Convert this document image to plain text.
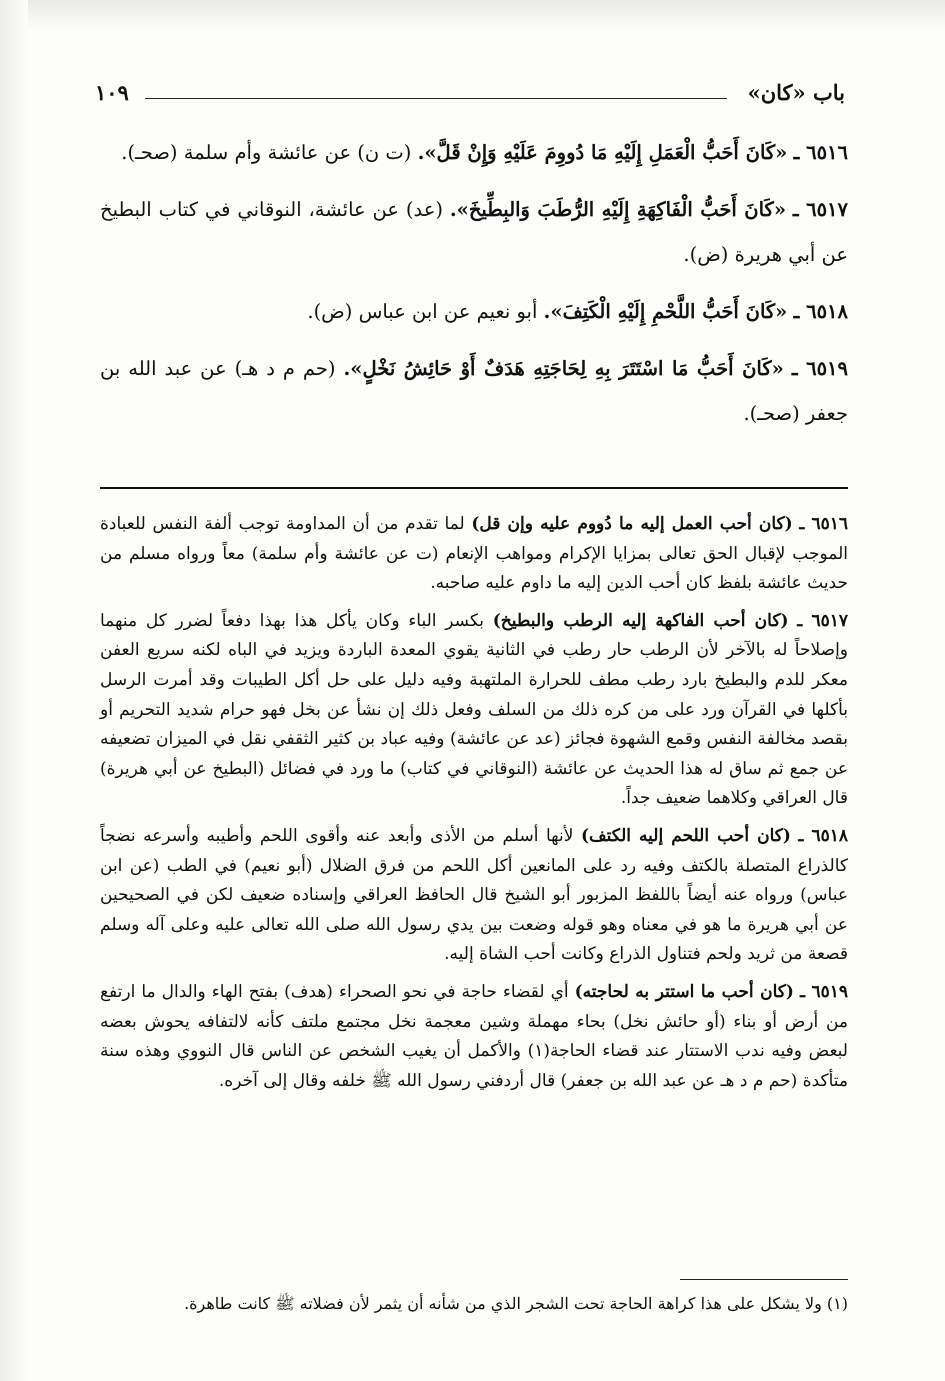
باب «كان»
١٠٩

٦٥١٦ ـ «كَانَ أَحَبُّ الْعَمَلِ إِلَيْهِ مَا دُووِمَ عَلَيْهِ وَإِنْ قَلَّ». (ت ن) عن عائشة وأم سلمة (صحـ).

٦٥١٧ ـ «كَانَ أَحَبُّ الْفَاكِهَةِ إِلَيْهِ الرُّطَبَ وَالبِطِّيخَ». (عد) عن عائشة، النوقاني في كتاب البطيخ عن أبي هريرة (ض).

٦٥١٨ ـ «كَانَ أَحَبُّ اللَّحْمِ إِلَيْهِ الْكَتِفَ». أبو نعيم عن ابن عباس (ض).

٦٥١٩ ـ «كَانَ أَحَبُّ مَا اسْتَتَرَ بِهِ لِحَاجَتِهِ هَدَفٌ أَوْ حَائِشُ نَخْلٍ». (حم م د هـ) عن عبد الله بن جعفر (صحـ).

٦٥١٦ ـ (كان أحب العمل إليه ما دُووم عليه وإن قل) لما تقدم من أن المداومة توجب ألفة النفس للعبادة الموجب لإقبال الحق تعالى بمزايا الإكرام ومواهب الإنعام (ت عن عائشة وأم سلمة) معاً ورواه مسلم من حديث عائشة بلفظ كان أحب الدين إليه ما داوم عليه صاحبه.

٦٥١٧ ـ (كان أحب الفاكهة إليه الرطب والبطيخ) بكسر الباء وكان يأكل هذا بهذا دفعاً لضرر كل منهما وإصلاحاً له بالآخر لأن الرطب حار رطب في الثانية يقوي المعدة الباردة ويزيد في الباه لكنه سريع العفن معكر للدم والبطيخ بارد رطب مطف للحرارة الملتهبة وفيه دليل على حل أكل الطيبات وقد أمرت الرسل بأكلها في القرآن ورد على من كره ذلك من السلف وفعل ذلك إن نشأ عن بخل فهو حرام شديد التحريم أو بقصد مخالفة النفس وقمع الشهوة فجائز (عد عن عائشة) وفيه عباد بن كثير الثقفي نقل في الميزان تضعيفه عن جمع ثم ساق له هذا الحديث عن عائشة (النوقاني في كتاب) ما ورد في فضائل (البطيخ عن أبي هريرة) قال العراقي وكلاهما ضعيف جداً.

٦٥١٨ ـ (كان أحب اللحم إليه الكتف) لأنها أسلم من الأذى وأبعد عنه وأقوى اللحم وأطيبه وأسرعه نضجاً كالذراع المتصلة بالكتف وفيه رد على المانعين أكل اللحم من فرق الضلال (أبو نعيم) في الطب (عن ابن عباس) ورواه عنه أيضاً باللفظ المزبور أبو الشيخ قال الحافظ العراقي وإسناده ضعيف لكن في الصحيحين عن أبي هريرة ما هو في معناه وهو قوله وضعت بين يدي رسول الله صلى الله تعالى عليه وعلى آله وسلم قصعة من ثريد ولحم فتناول الذراع وكانت أحب الشاة إليه.

٦٥١٩ ـ (كان أحب ما استتر به لحاجته) أي لقضاء حاجة في نحو الصحراء (هدف) بفتح الهاء والدال ما ارتفع من أرض أو بناء (أو حائش نخل) بحاء مهملة وشين معجمة نخل مجتمع ملتف كأنه لالتفافه يحوش بعضه لبعض وفيه ندب الاستتار عند قضاء الحاجة(١) والأكمل أن يغيب الشخص عن الناس قال النووي وهذه سنة متأكدة (حم م د هـ عن عبد الله بن جعفر) قال أردفني رسول الله ﷺ خلفه وقال إلى آخره.

(١) ولا يشكل على هذا كراهة الحاجة تحت الشجر الذي من شأنه أن يثمر لأن فضلاته ﷺ كانت طاهرة.
